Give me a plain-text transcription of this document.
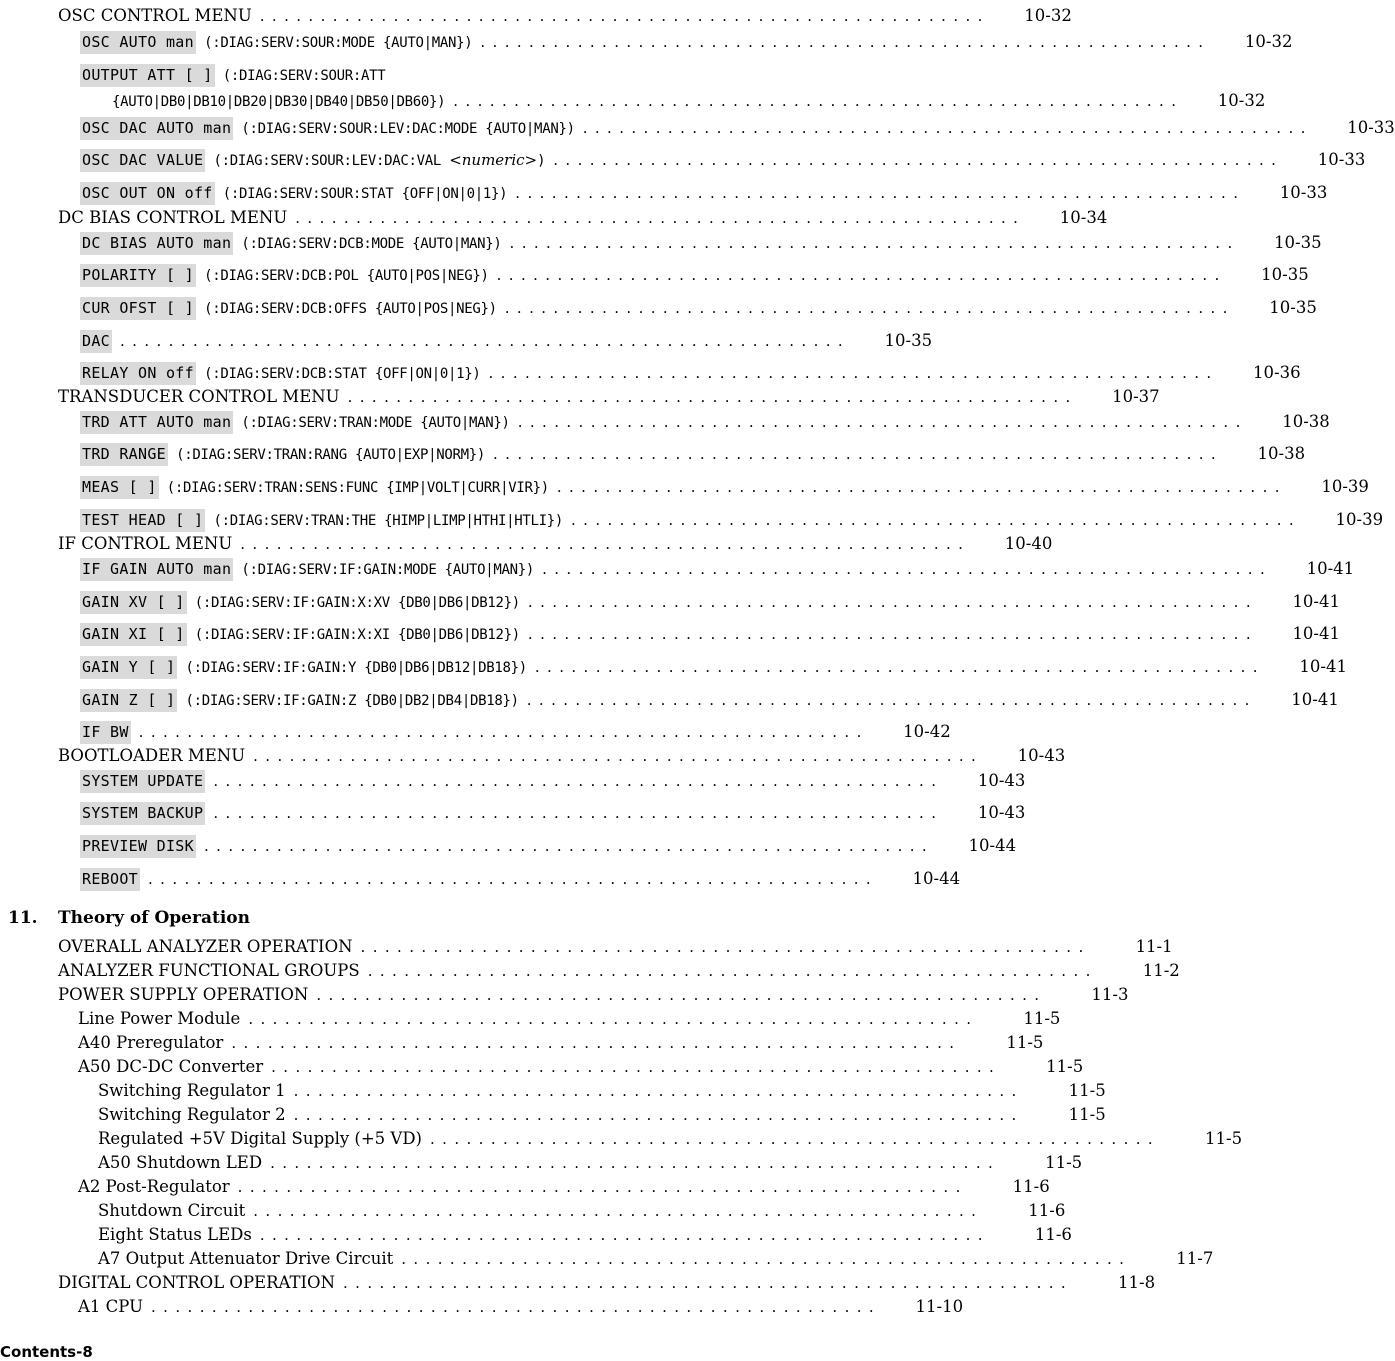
OSC CONTROL MENU ............................................................	10-32
OSC AUTO man (:DIAG:SERV:SOUR:MODE {AUTO|MAN}) ............................................................	10-32
OUTPUT ATT [ ] (:DIAG:SERV:SOUR:ATT
{AUTO|DB0|DB10|DB20|DB30|DB40|DB50|DB60}) ............................................................	10-32
OSC DAC AUTO man (:DIAG:SERV:SOUR:LEV:DAC:MODE {AUTO|MAN}) ............................................................	10-33
OSC DAC VALUE (:DIAG:SERV:SOUR:LEV:DAC:VAL <numeric>) ............................................................	10-33
OSC OUT ON off (:DIAG:SERV:SOUR:STAT {OFF|ON|0|1}) ............................................................	10-33
DC BIAS CONTROL MENU ............................................................	10-34
DC BIAS AUTO man (:DIAG:SERV:DCB:MODE {AUTO|MAN}) ............................................................	10-35
POLARITY [ ] (:DIAG:SERV:DCB:POL {AUTO|POS|NEG}) ............................................................	10-35
CUR OFST [ ] (:DIAG:SERV:DCB:OFFS {AUTO|POS|NEG}) ............................................................	10-35
DAC ............................................................	10-35
RELAY ON off (:DIAG:SERV:DCB:STAT {OFF|ON|0|1}) ............................................................	10-36
TRANSDUCER CONTROL MENU ............................................................	10-37
TRD ATT AUTO man (:DIAG:SERV:TRAN:MODE {AUTO|MAN}) ............................................................	10-38
TRD RANGE (:DIAG:SERV:TRAN:RANG {AUTO|EXP|NORM}) ............................................................	10-38
MEAS [ ] (:DIAG:SERV:TRAN:SENS:FUNC {IMP|VOLT|CURR|VIR}) ............................................................	10-39
TEST HEAD [ ] (:DIAG:SERV:TRAN:THE {HIMP|LIMP|HTHI|HTLI}) ............................................................	10-39
IF CONTROL MENU ............................................................	10-40
IF GAIN AUTO man (:DIAG:SERV:IF:GAIN:MODE {AUTO|MAN}) ............................................................	10-41
GAIN XV [ ] (:DIAG:SERV:IF:GAIN:X:XV {DB0|DB6|DB12}) ............................................................	10-41
GAIN XI [ ] (:DIAG:SERV:IF:GAIN:X:XI {DB0|DB6|DB12}) ............................................................	10-41
GAIN Y [ ] (:DIAG:SERV:IF:GAIN:Y {DB0|DB6|DB12|DB18}) ............................................................	10-41
GAIN Z [ ] (:DIAG:SERV:IF:GAIN:Z {DB0|DB2|DB4|DB18}) ............................................................	10-41
IF BW ............................................................	10-42
BOOTLOADER MENU ............................................................	10-43
SYSTEM UPDATE ............................................................	10-43
SYSTEM BACKUP ............................................................	10-43
PREVIEW DISK ............................................................	10-44
REBOOT ............................................................	10-44
11. Theory of Operation
OVERALL ANALYZER OPERATION ............................................................	11-1
ANALYZER FUNCTIONAL GROUPS ............................................................	11-2
POWER SUPPLY OPERATION ............................................................	11-3
Line Power Module ............................................................	11-5
A40 Preregulator ............................................................	11-5
A50 DC-DC Converter ............................................................	11-5
Switching Regulator 1 ............................................................	11-5
Switching Regulator 2 ............................................................	11-5
Regulated +5V Digital Supply (+5 VD) ............................................................	11-5
A50 Shutdown LED ............................................................	11-5
A2 Post-Regulator ............................................................	11-6
Shutdown Circuit ............................................................	11-6
Eight Status LEDs ............................................................	11-6
A7 Output Attenuator Drive Circuit ............................................................	11-7
DIGITAL CONTROL OPERATION ............................................................	11-8
A1 CPU ............................................................	11-10
Contents-8
